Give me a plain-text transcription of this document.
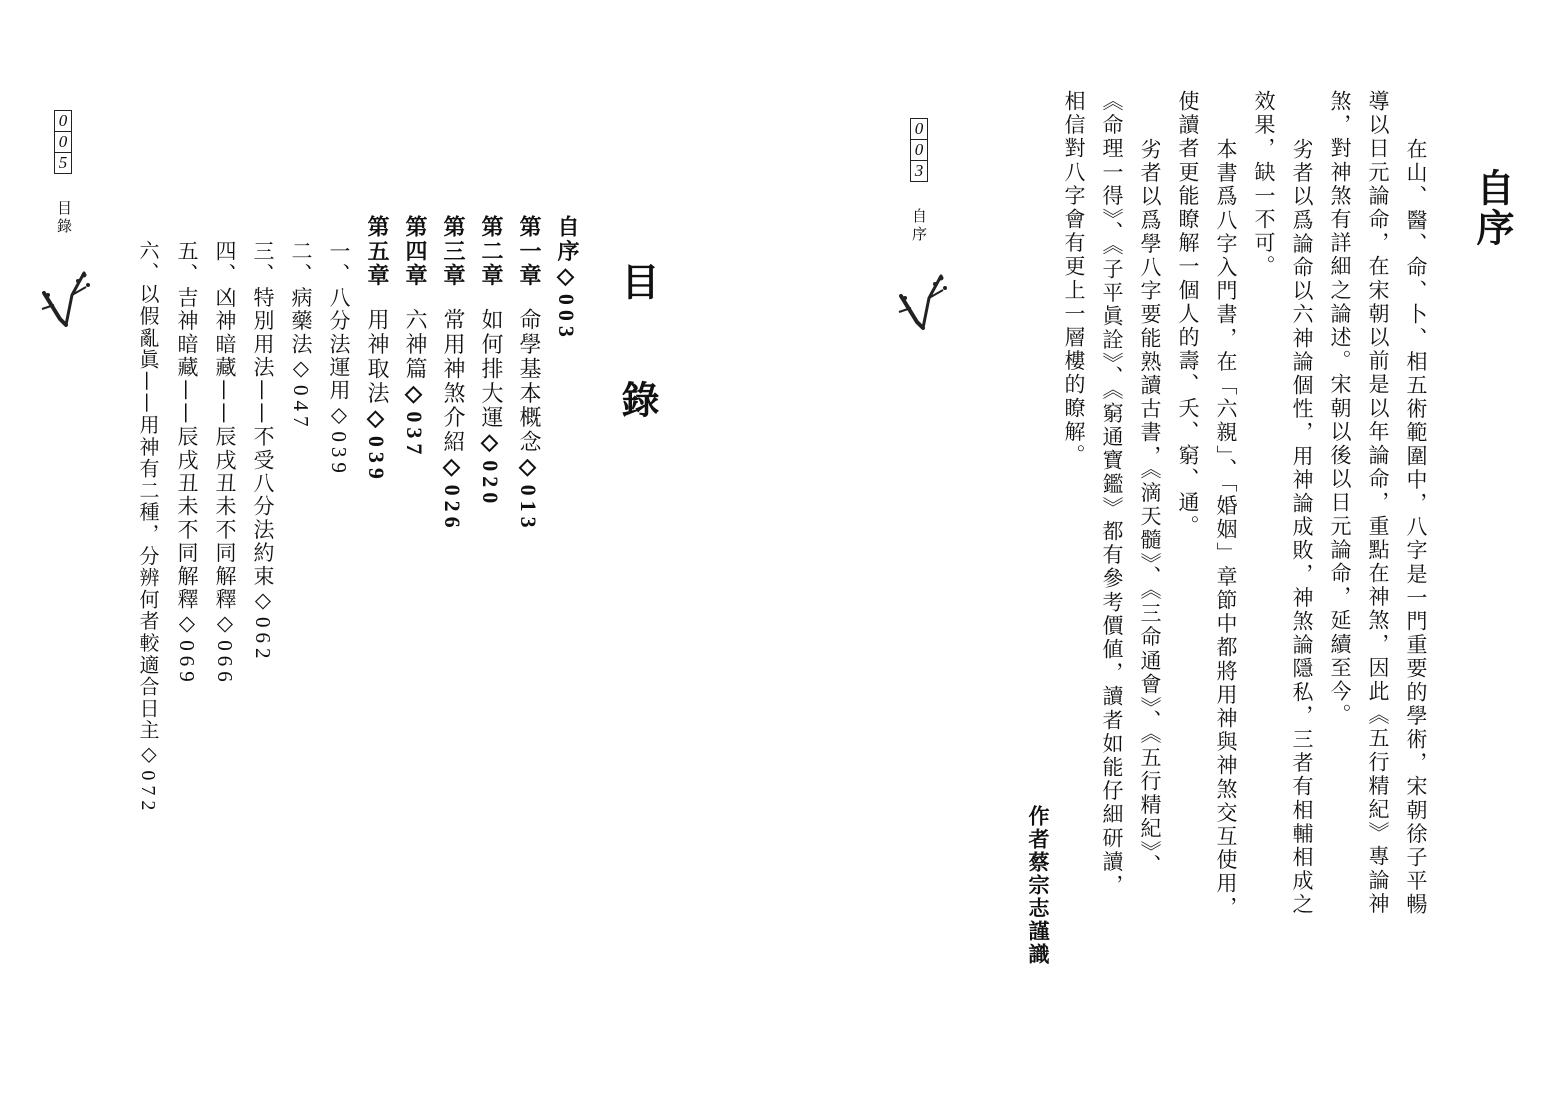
0
0
5
目錄
目

錄
自序◇003
第一章命學基本概念◇013
第二章如何排大運◇020
第三章常用神煞介紹◇026
第四章六神篇◇037
第五章用神取法◇039
一、八分法運用◇039
二、病藥法◇047
三、特別用法——不受八分法約束◇062
四、凶神暗藏——辰戌丑未不同解釋◇066
五、吉神暗藏——辰戌丑未不同解釋◇069
六、以假亂眞——用神有二種，分辨何者較適合日主◇072
0
0
3
自序	自序
在山、醫、命、卜、相五術範圍中，八字是一門重要的學術，宋朝徐子平暢
導以日元論命，在宋朝以前是以年論命，重點在神煞，因此《五行精紀》專論神
煞，對神煞有詳細之論述。宋朝以後以日元論命，延續至今。
劣者以爲論命以六神論個性，用神論成敗，神煞論隱私，三者有相輔相成之
效果，缺一不可。
本書爲八字入門書，在「六親」、「婚姻」章節中都將用神與神煞交互使用，
使讀者更能瞭解一個人的壽、夭、窮、通。
劣者以爲學八字要能熟讀古書，《滴天髓》、《三命通會》、《五行精紀》、
《命理一得》、《子平眞詮》、《窮通寶鑑》都有參考價値，讀者如能仔細研讀，
相信對八字會有更上一層樓的瞭解。
作者蔡宗志謹識
